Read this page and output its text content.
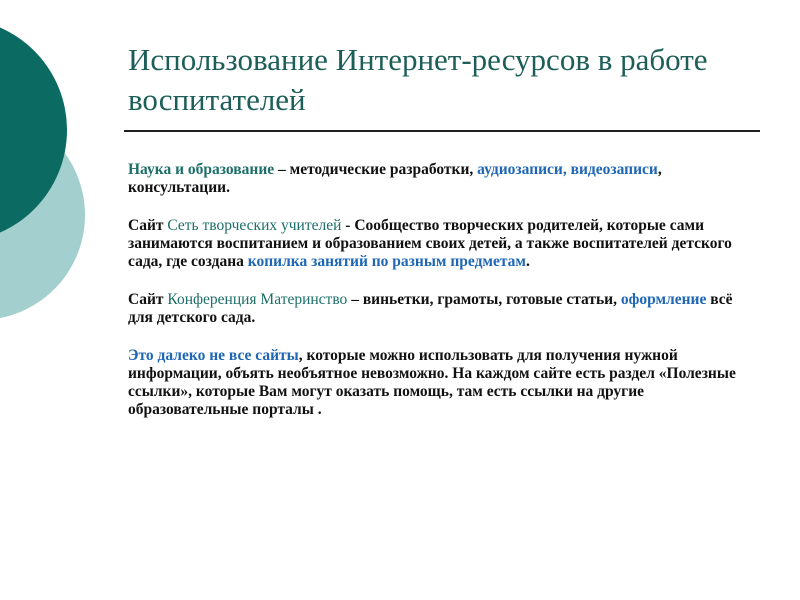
Использование Интернет-ресурсов в работе воспитателей

Наука и образование – методические разработки, аудиозаписи, видеозаписи, консультации.

Сайт Сеть творческих учителей - Сообщество творческих родителей, которые сами занимаются воспитанием и образованием своих детей, а также воспитателей детского сада, где создана копилка занятий по разным предметам.

Сайт Конференция Материнство – виньетки, грамоты, готовые статьи, оформление всё для детского сада.

Это далеко не все сайты, которые можно использовать для получения нужной информации, объять необъятное невозможно. На каждом сайте есть раздел «Полезные ссылки», которые Вам могут оказать помощь, там есть ссылки на другие образовательные порталы .
